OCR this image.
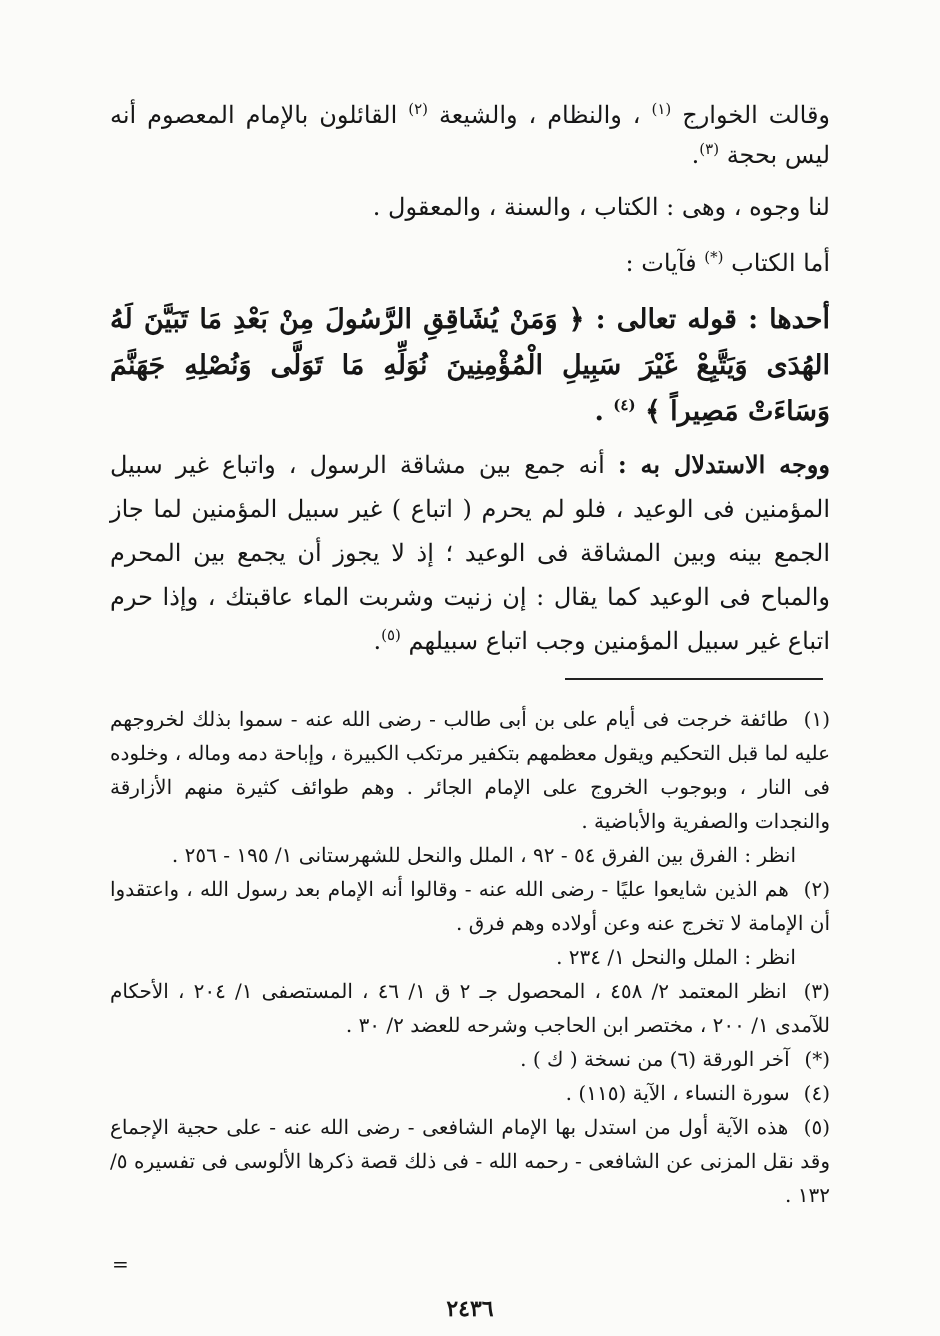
وقالت الخوارج $^{(١)}$ ، والنظام ، والشيعة $^{(٢)}$ القائلون بالإمام المعصوم أنه ليس بحجة $^{(٣)}$.

لنا وجوه ، وهى : الكتاب ، والسنة ، والمعقول .

أما الكتاب (*) فآيات :

أحدها : قوله تعالى : ﴿ وَمَنْ يُشَاقِقِ الرَّسُولَ مِنْ بَعْدِ مَا تَبَيَّنَ لَهُ الهُدَى وَيَتَّبِعْ غَيْرَ سَبِيلِ الْمُؤْمِنِينَ نُوَلِّهِ مَا تَوَلَّى وَنُصْلِهِ جَهَنَّمَ وَسَاءَتْ مَصِيراً ﴾ $^{(٤)}$ .

ووجه الاستدلال به : أنه جمع بين مشاقة الرسول ، واتباع غير سبيل المؤمنين فى الوعيد ، فلو لم يحرم ( اتباع ) غير سبيل المؤمنين لما جاز الجمع بينه وبين المشاقة فى الوعيد ؛ إذ لا يجوز أن يجمع بين المحرم والمباح فى الوعيد كما يقال : إن زنيت وشربت الماء عاقبتك ، وإذا حرم اتباع غير سبيل المؤمنين وجب اتباع سبيلهم $^{(٥)}$.

(١) طائفة خرجت فى أيام على بن أبى طالب - رضى الله عنه - سموا بذلك لخروجهم عليه لما قبل التحكيم ويقول معظمهم بتكفير مرتكب الكبيرة ، وإباحة دمه وماله ، وخلوده فى النار ، وبوجوب الخروج على الإمام الجائر . وهم طوائف كثيرة منهم الأزارقة والنجدات والصفرية والأباضية .
انظر : الفرق بين الفرق ٥٤ - ٩٢ ، الملل والنحل للشهرستانى ١/ ١٩٥ - ٢٥٦ .
(٢) هم الذين شايعوا عليًا - رضى الله عنه - وقالوا أنه الإمام بعد رسول الله ، واعتقدوا أن الإمامة لا تخرج عنه وعن أولاده وهم فرق .
انظر : الملل والنحل ١/ ٢٣٤ .
(٣) انظر المعتمد ٢/ ٤٥٨ ، المحصول جـ ٢ ق ١/ ٤٦ ، المستصفى ١/ ٢٠٤ ، الأحكام للآمدى ١/ ٢٠٠ ، مختصر ابن الحاجب وشرحه للعضد ٢/ ٣٠ .
(*) آخر الورقة (٦) من نسخة ( ك ) .
(٤) سورة النساء ، الآية (١١٥) .
(٥) هذه الآية أول من استدل بها الإمام الشافعى - رضى الله عنه - على حجية الإجماع وقد نقل المزنى عن الشافعى - رحمه الله - فى ذلك قصة ذكرها الألوسى فى تفسيره ٥/ ١٣٢ .
=
٢٤٣٦
